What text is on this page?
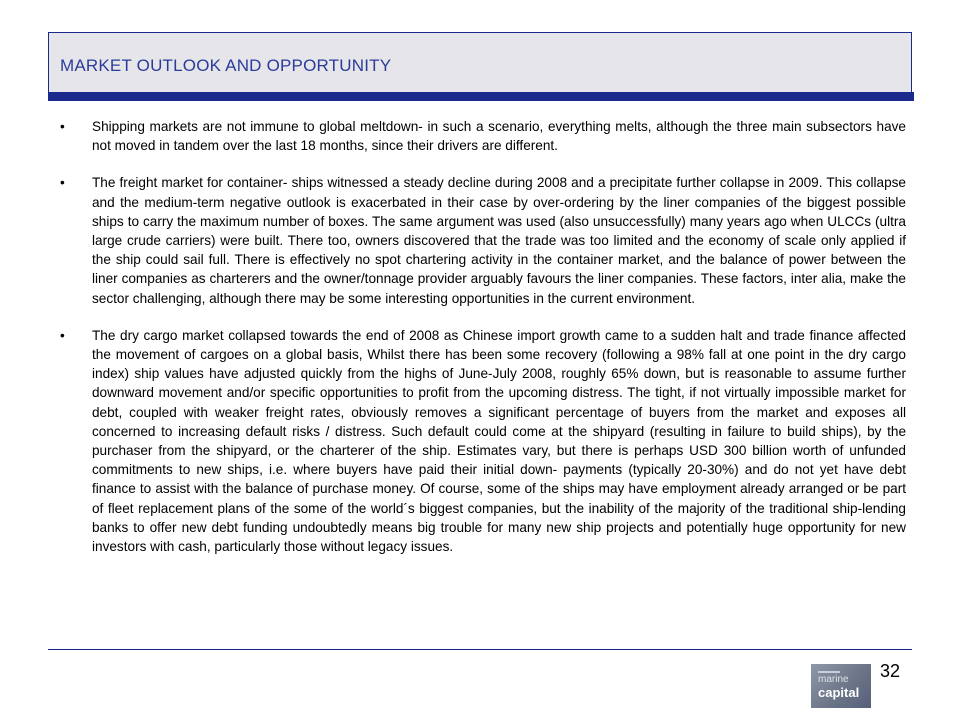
MARKET OUTLOOK AND OPPORTUNITY
•	Shipping markets are not immune to global meltdown- in such a scenario, everything melts, although the three main subsectors have not moved in tandem over the last 18 months, since their drivers are different.
•	The freight market for container- ships witnessed a steady decline during 2008 and a precipitate further collapse in 2009. This collapse and the medium-term negative outlook is exacerbated in their case by over-ordering by the liner companies of the biggest possible ships to carry the maximum number of boxes. The same argument was used (also unsuccessfully) many years ago when ULCCs (ultra large crude carriers) were built. There too, owners discovered that the trade was too limited and the economy of scale only applied if the ship could sail full. There is effectively no spot chartering activity in the container market, and the balance of power between the liner companies as charterers and the owner/tonnage provider arguably favours the liner companies. These factors, inter alia, make the sector challenging, although there may be some interesting opportunities in the current environment.
•	The dry cargo market collapsed towards the end of 2008 as Chinese import growth came to a sudden halt and trade finance affected the movement of cargoes on a global basis, Whilst there has been some recovery (following a 98% fall at one point in the dry cargo index) ship values have adjusted quickly from the highs of June-July 2008, roughly 65% down, but is reasonable to assume further downward movement and/or specific opportunities to profit from the upcoming distress. The tight, if not virtually impossible market for debt, coupled with weaker freight rates, obviously removes a significant percentage of buyers from the market and exposes all concerned to increasing default risks / distress. Such default could come at the shipyard (resulting in failure to build ships), by the purchaser from the shipyard, or the charterer of the ship. Estimates vary, but there is perhaps USD 300 billion worth of unfunded commitments to new ships, i.e. where buyers have paid their initial down- payments (typically 20-30%) and do not yet have debt finance to assist with the balance of purchase money. Of course, some of the ships may have employment already arranged or be part of fleet replacement plans of the some of the world´s biggest companies, but the inability of the majority of the traditional ship-lending banks to offer new debt funding undoubtedly means big trouble for many new ship projects and potentially huge opportunity for new investors with cash, particularly those without legacy issues.
marine
capital
32
